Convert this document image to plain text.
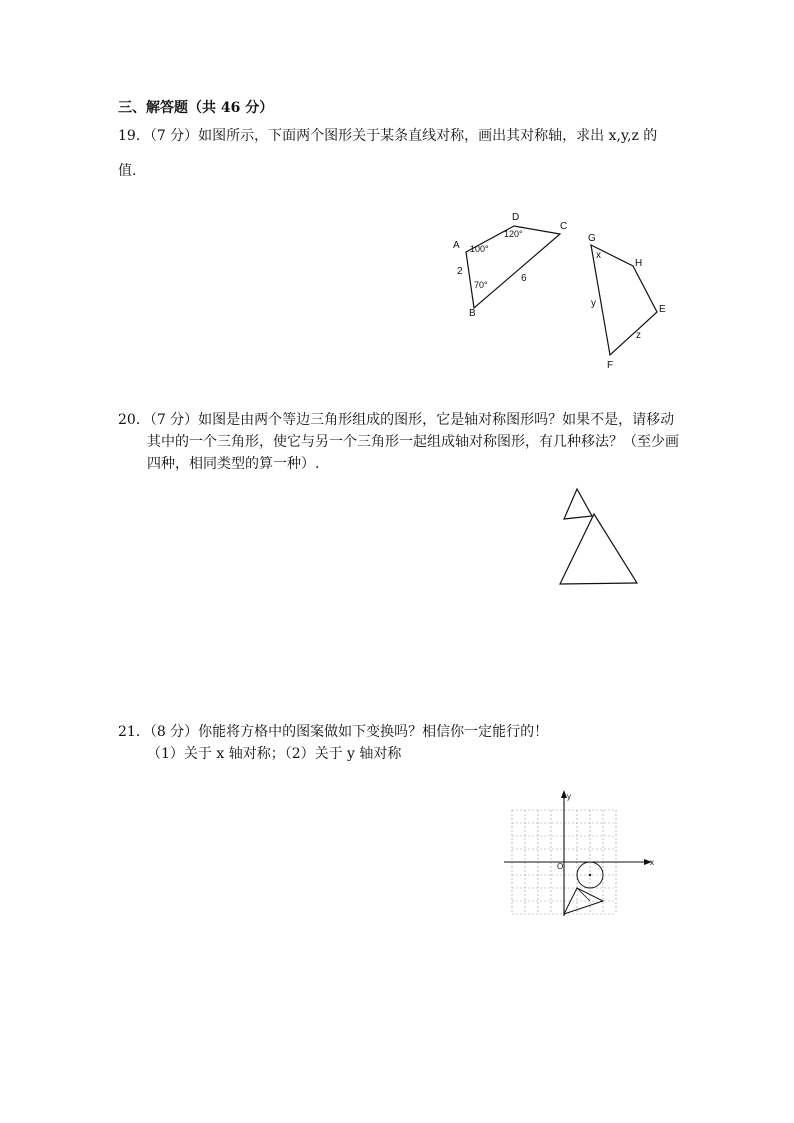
三、解答题（共 46 分）
19．（7 分）如图所示，下面两个图形关于某条直线对称，画出其对称轴，求出 x,y,z 的
值.
A
D
C
B
100°
120°
70°
2
6
G
H
E
F
x
y
z
20．（7 分）如图是由两个等边三角形组成的图形，它是轴对称图形吗？如果不是，请移动
其中的一个三角形，使它与另一个三角形一起组成轴对称图形，有几种移法？（至少画
四种，相同类型的算一种）.
21．（8 分）你能将方格中的图案做如下变换吗？相信你一定能行的！
（1）关于 x 轴对称；（2）关于 y 轴对称
x
y
O
